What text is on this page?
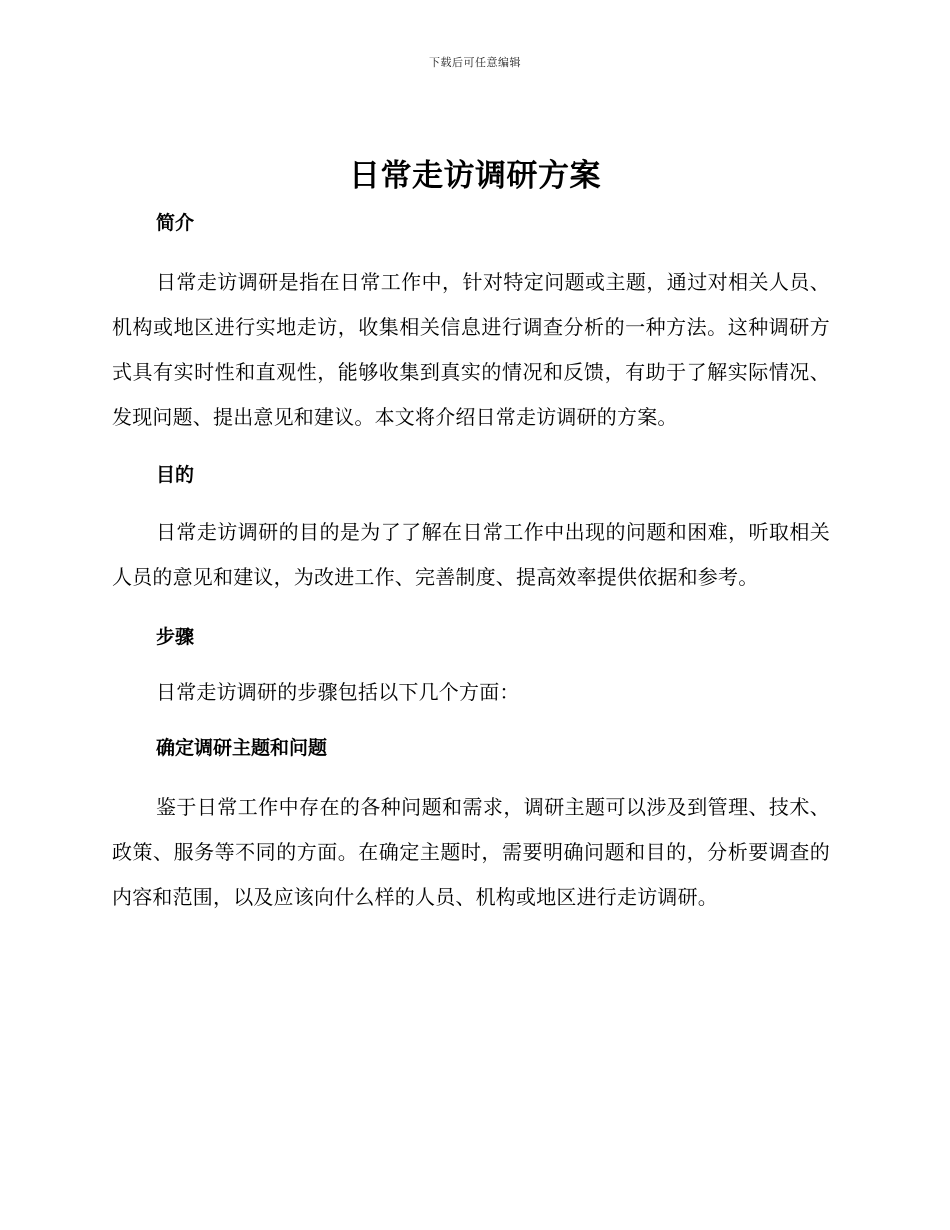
下载后可任意编辑
日常走访调研方案
简介

日常走访调研是指在日常工作中，针对特定问题或主题，通过对相关人员、机构或地区进行实地走访，收集相关信息进行调查分析的一种方法。这种调研方式具有实时性和直观性，能够收集到真实的情况和反馈，有助于了解实际情况、发现问题、提出意见和建议。本文将介绍日常走访调研的方案。

目的

日常走访调研的目的是为了了解在日常工作中出现的问题和困难，听取相关人员的意见和建议，为改进工作、完善制度、提高效率提供依据和参考。

步骤

日常走访调研的步骤包括以下几个方面：

确定调研主题和问题

鉴于日常工作中存在的各种问题和需求，调研主题可以涉及到管理、技术、政策、服务等不同的方面。在确定主题时，需要明确问题和目的，分析要调查的内容和范围，以及应该向什么样的人员、机构或地区进行走访调研。
